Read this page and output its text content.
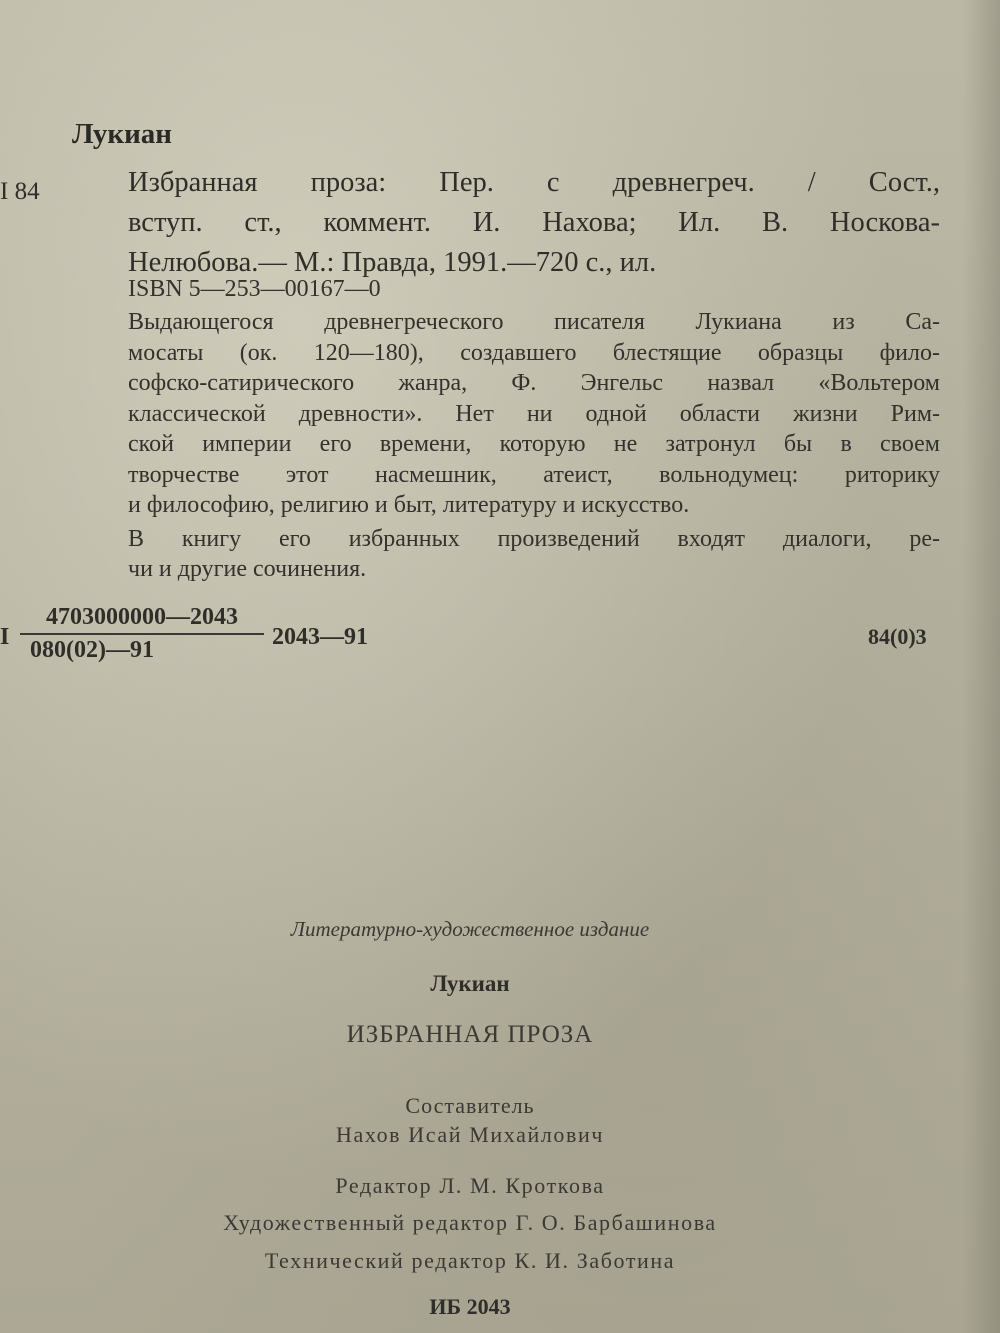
Лукиан

I 84	Избранная проза: Пер. с древнегреч. / Сост.,
вступ. ст., коммент. И. Нахова; Ил. В. Носкова-
Нелюбова.— М.: Правда, 1991.—720 с., ил.

ISBN 5—253—00167—0

Выдающегося древнегреческого писателя Лукиана из Са-
мосаты (ок. 120—180), создавшего блестящие образцы фило-
софско-сатирического жанра, Ф. Энгельс назвал «Вольтером
классической древности». Нет ни одной области жизни Рим-
ской империи его времени, которую не затронул бы в своем
творчестве этот насмешник, атеист, вольнодумец: риторику
и философию, религию и быт, литературу и искусство.
В книгу его избранных произведений входят диалоги, ре-
чи и другие сочинения.

I $\frac{4703000000—2043}{080(02)—91}$ 2043—91	84(0)3

Литературно-художественное издание

Лукиан

ИЗБРАННАЯ ПРОЗА

Составитель

Нахов Исай Михайлович

Редактор Л. М. Кроткова

Художественный редактор Г. О. Барбашинова

Технический редактор К. И. Заботина

ИБ 2043
